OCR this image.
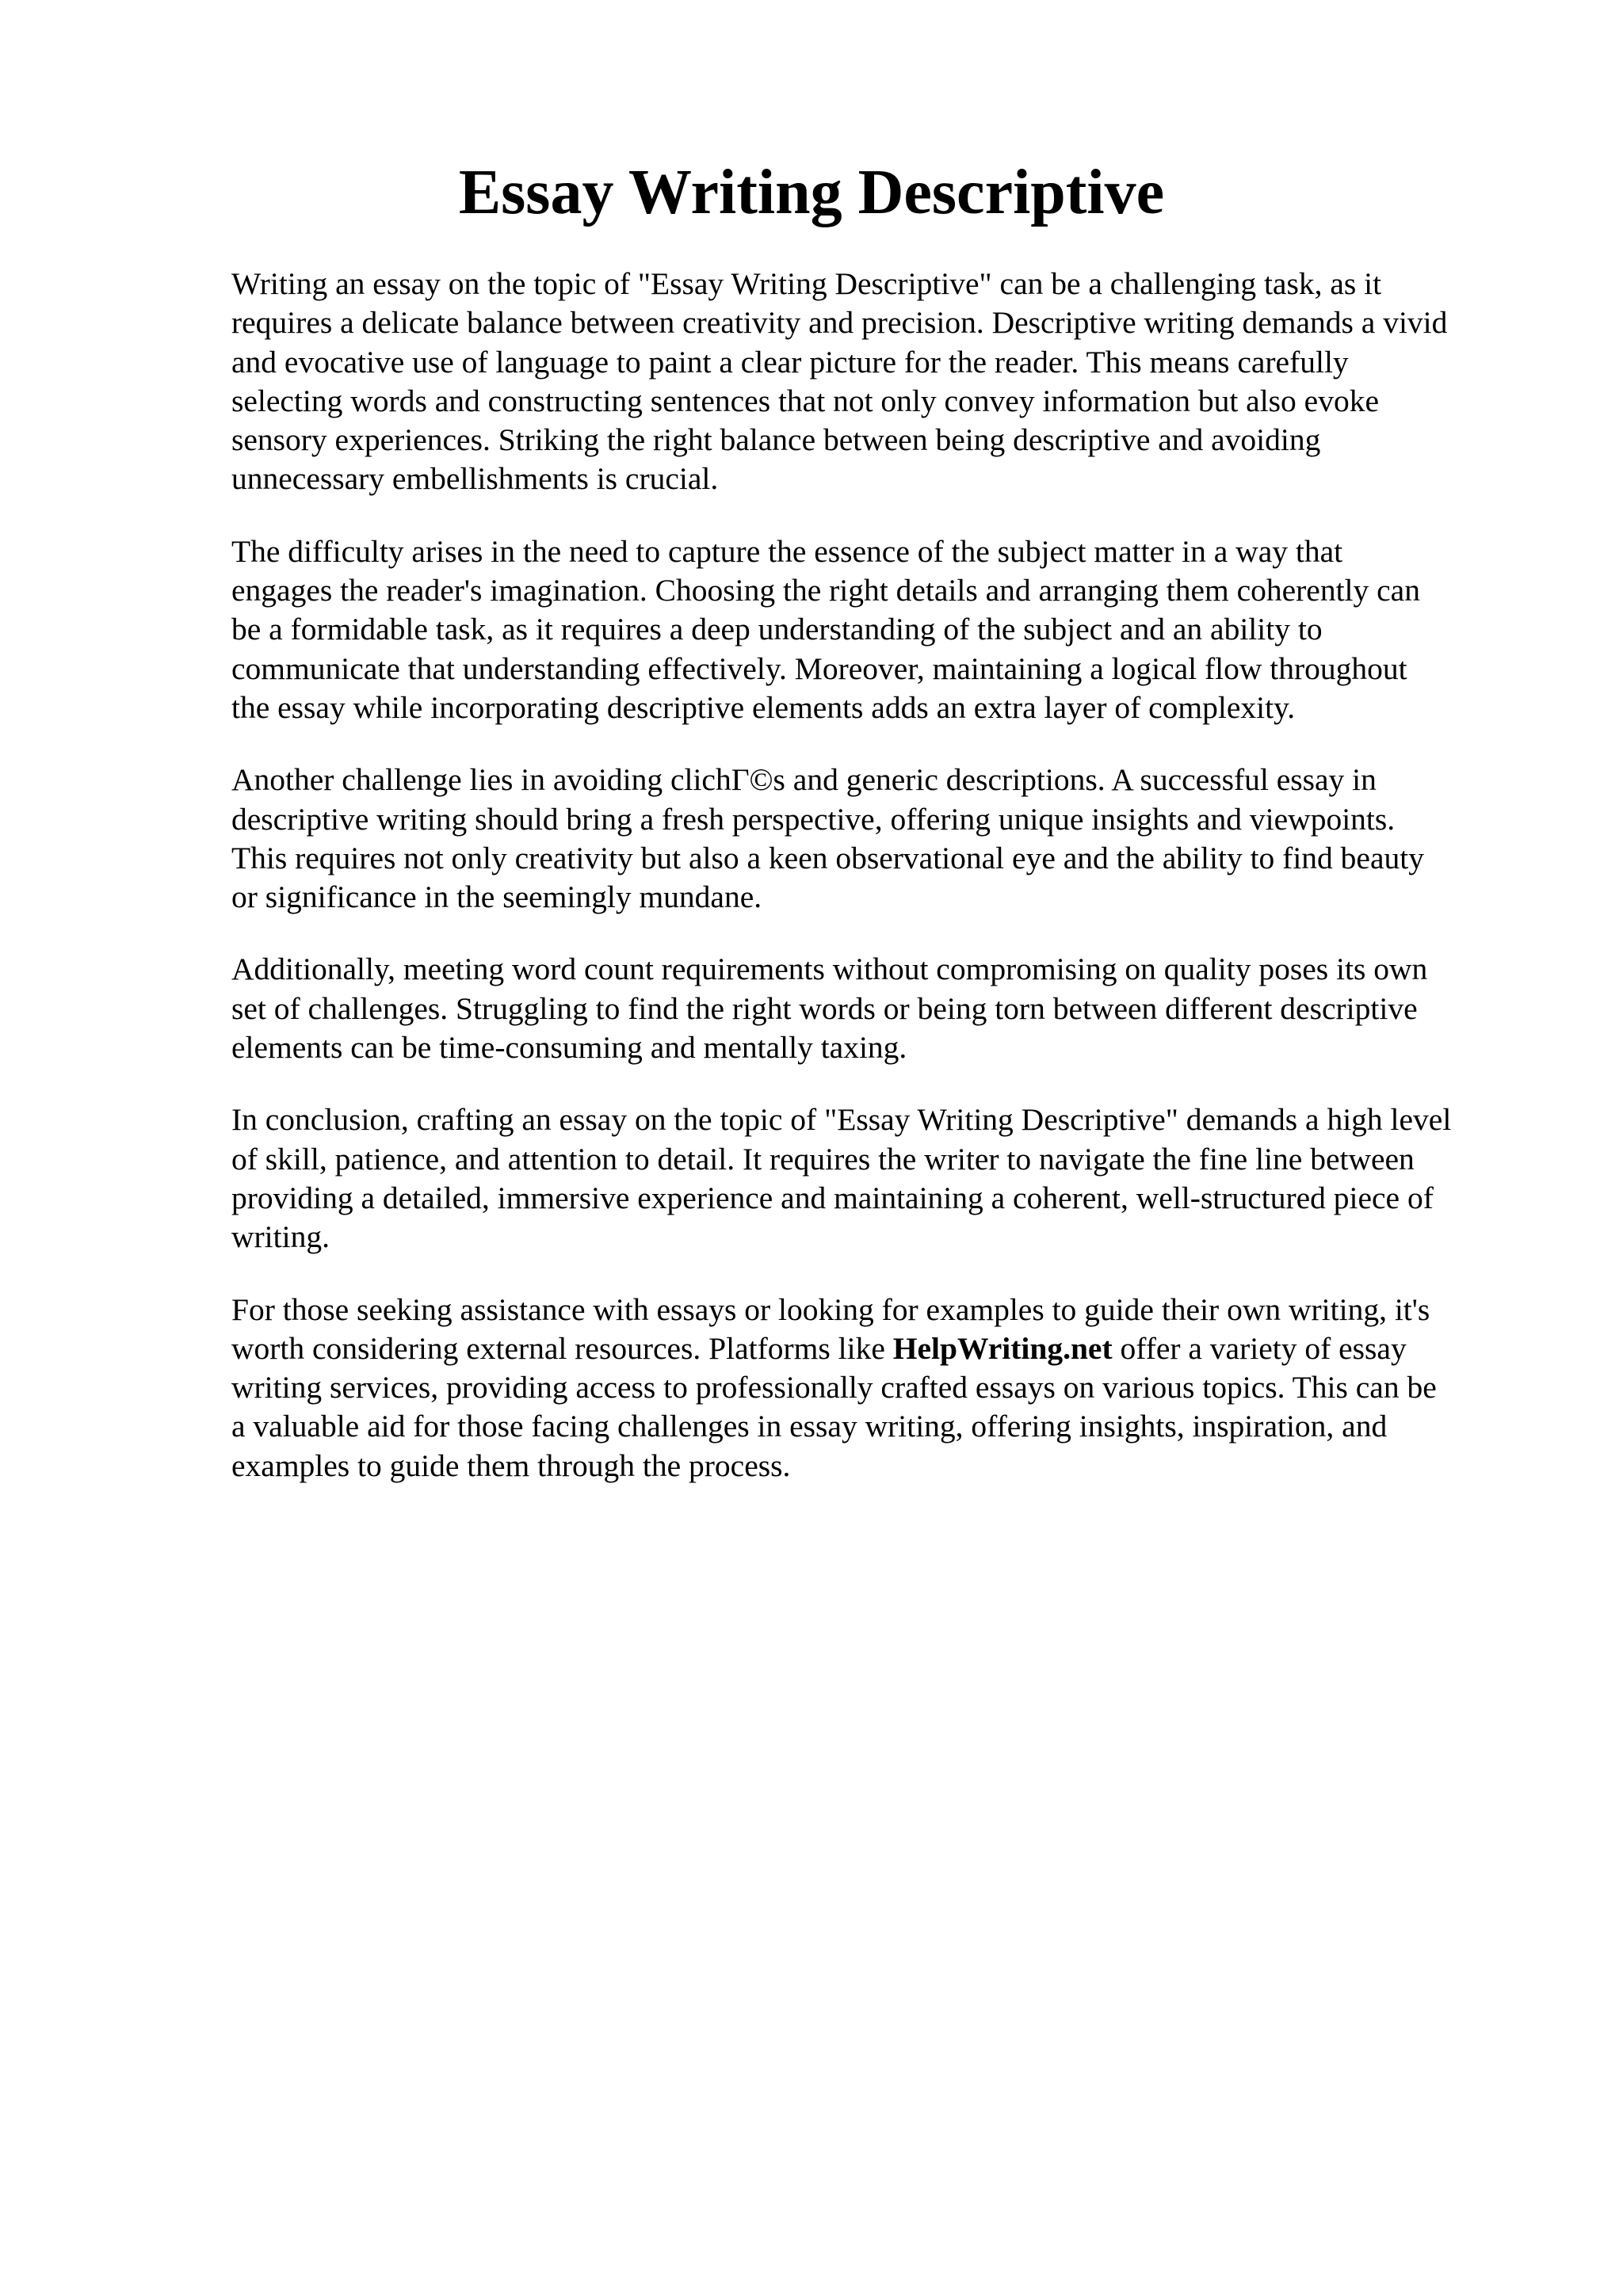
Essay Writing Descriptive

Writing an essay on the topic of "Essay Writing Descriptive" can be a challenging task, as it
requires a delicate balance between creativity and precision. Descriptive writing demands a vivid
and evocative use of language to paint a clear picture for the reader. This means carefully
selecting words and constructing sentences that not only convey information but also evoke
sensory experiences. Striking the right balance between being descriptive and avoiding
unnecessary embellishments is crucial.

The difficulty arises in the need to capture the essence of the subject matter in a way that
engages the reader's imagination. Choosing the right details and arranging them coherently can
be a formidable task, as it requires a deep understanding of the subject and an ability to
communicate that understanding effectively. Moreover, maintaining a logical flow throughout
the essay while incorporating descriptive elements adds an extra layer of complexity.

Another challenge lies in avoiding clichГ©s and generic descriptions. A successful essay in
descriptive writing should bring a fresh perspective, offering unique insights and viewpoints.
This requires not only creativity but also a keen observational eye and the ability to find beauty
or significance in the seemingly mundane.

Additionally, meeting word count requirements without compromising on quality poses its own
set of challenges. Struggling to find the right words or being torn between different descriptive
elements can be time-consuming and mentally taxing.

In conclusion, crafting an essay on the topic of "Essay Writing Descriptive" demands a high level
of skill, patience, and attention to detail. It requires the writer to navigate the fine line between
providing a detailed, immersive experience and maintaining a coherent, well-structured piece of
writing.

For those seeking assistance with essays or looking for examples to guide their own writing, it's
worth considering external resources. Platforms like HelpWriting.net offer a variety of essay
writing services, providing access to professionally crafted essays on various topics. This can be
a valuable aid for those facing challenges in essay writing, offering insights, inspiration, and
examples to guide them through the process.
